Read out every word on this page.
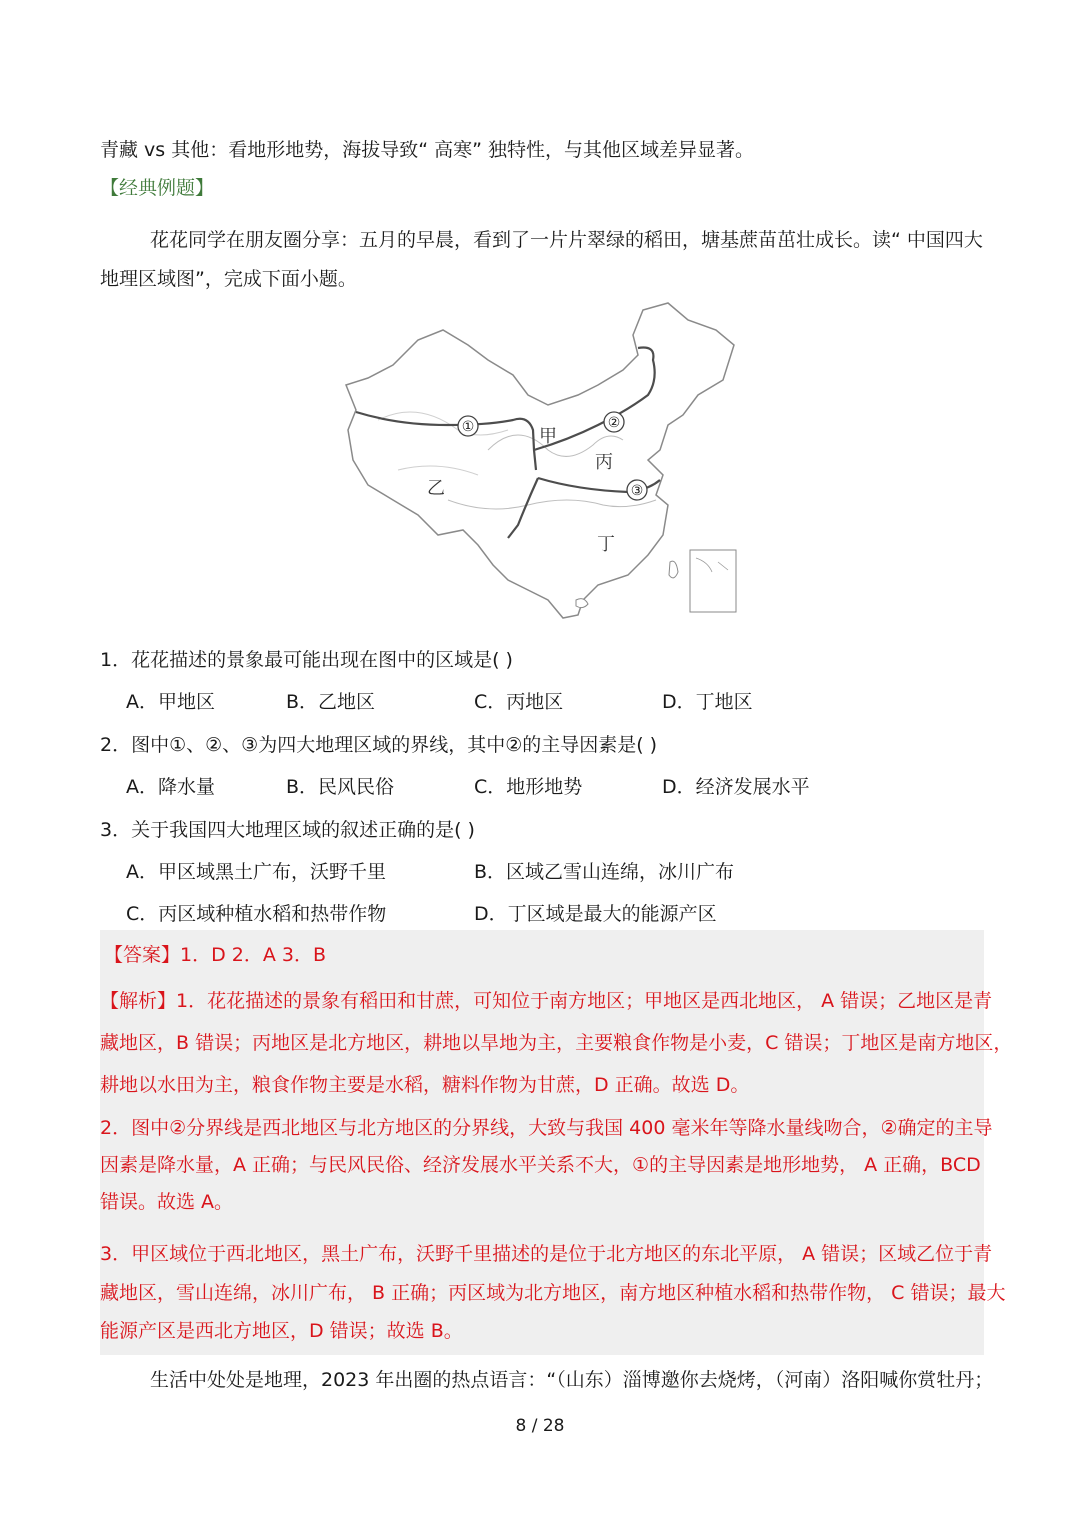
青藏 vs 其他：看地形地势，海拔导致“ 高寒” 独特性，与其他区域差异显著。
【经典例题】
花花同学在朋友圈分享：五月的早晨，看到了一片片翠绿的稻田，塘基蔗苗茁壮成长。读“ 中国四大
地理区域图”，完成下面小题。
①	②
③
甲
乙
丙
丁
1．花花描述的景象最可能出现在图中的区域是( )
A．甲地区	B．乙地区	C．丙地区	D．丁地区
2．图中①、②、③为四大地理区域的界线，其中②的主导因素是( )
A．降水量	B．民风民俗	C．地形地势	D．经济发展水平
3．关于我国四大地理区域的叙述正确的是( )
A．甲区域黑土广布，沃野千里	B．区域乙雪山连绵，冰川广布
C．丙区域种植水稻和热带作物	D．丁区域是最大的能源产区
【答案】1．D 2．A 3．B
【解析】1．花花描述的景象有稻田和甘蔗，可知位于南方地区；甲地区是西北地区， A 错误；乙地区是青
藏地区，B 错误；丙地区是北方地区，耕地以旱地为主，主要粮食作物是小麦，C 错误；丁地区是南方地区，
耕地以水田为主，粮食作物主要是水稻，糖料作物为甘蔗，D 正确。故选 D。
2．图中②分界线是西北地区与北方地区的分界线，大致与我国 400 毫米年等降水量线吻合，②确定的主导
因素是降水量，A 正确；与民风民俗、经济发展水平关系不大，①的主导因素是地形地势， A 正确，BCD
错误。故选 A。
3．甲区域位于西北地区，黑土广布，沃野千里描述的是位于北方地区的东北平原， A 错误；区域乙位于青
藏地区，雪山连绵，冰川广布， B 正确；丙区域为北方地区，南方地区种植水稻和热带作物， C 错误；最大
能源产区是西北方地区，D 错误；故选 B。
生活中处处是地理，2023 年出圈的热点语言：“（山东）淄博邀你去烧烤，（河南）洛阳喊你赏牡丹；
8 / 28
